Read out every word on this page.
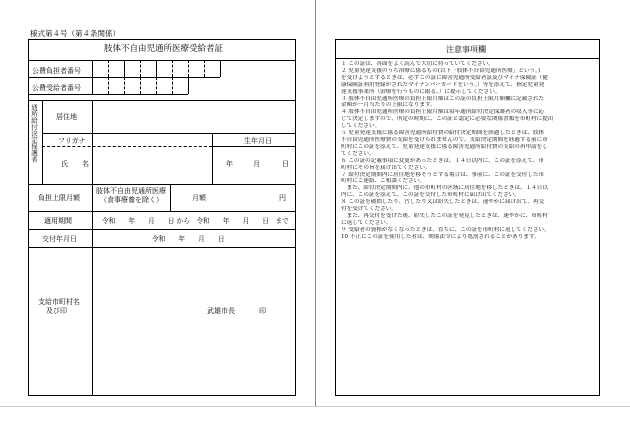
様式第４号（第４条関係）
肢体不自由児通所医療受給者証
公費負担者番号
公費受給者番号
通所給付決定保護者	居住地
フリガナ
氏　　名
生年月日
年	月	日
負担上限月額
肢体不自由児通所医療
（食事療養を除く）	月額	円
適用期間	令和　　年　　月　　日 から　令和　　年　　月　　日　まで
交付年月日	令和　　年　　月　　日
支給市町村名
及び印	武雄市長	印
注意事項欄
１ この証は、各面をよく読んで大切に持っていてください。
２ 児童発達支援のうち治療に係るもの(以下「肢体不自由児通所医療」という。)
を受けようとするときは、必ずこの証に障害児通所受給者証及びマイナ保険証（健
康保険証利用登録がされたマイナンバーカードをいう。）等を添えて、指定児童発
達支援事業所（治療を行うものに限る。）に提示してください。
３ 肢体不自由児通所医療の負担上限月額はこの証の負担上限月額欄に記載された
金額が一月当たりの上限になります。
４ 肢体不自由児通所医療の負担上限月額は毎年通所給付決定保護者の収入等に応
じて決定しますので、所定の時期に、この証と認定に必要な関係書類を市町村に提出
してください。
５ 児童発達支援に係る障害児通所給付費の給付決定期間を経過したときは、肢体
不自由児通所医療費の支給を受けられませんので、支給決定期間を経過する前に市
町村にこの証を添えて、児童発達支援に係る障害児通所給付費の支給の再申請をし
てください。
６ この証の記載事項に変更があったときは、１４日以内に、この証を添えて、市
町村にその旨を届け出てください。
７ 給付決定期間内に居住地を移そうとする場合は、事前に、この証を交付した市
町村にご連絡、ご相談ください。
　また、給付決定期間内に、他の市町村の区域に居住地を移したときは、１４日以
内に、この証を添えて、この証を交付した市町村に届け出てください。
８ この証を破損したり、汚したり又は紛失したときは、速やかに届け出て、再交
付を受けてください。
　また、再交付を受けた後、紛失したこの証を発見したときは、速やかに、市町村
に返してください。
９ 受給者の資格がなくなったときは、直ちに、この証を市町村に返してください。
10 不正にこの証を使用した者は、関係法令により処罰されることがあります。
